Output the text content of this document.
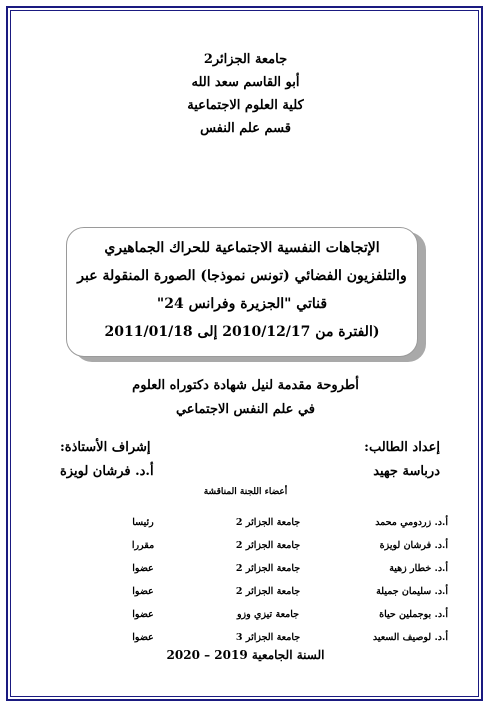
جامعة الجزائر2
أبو القاسم سعد الله
كلية العلوم الاجتماعية
قسم علم النفس
الإتجاهات النفسية الاجتماعية للحراك الجماهيري
والتلفزيون الفضائي (تونس نموذجا) الصورة المنقولة عبر
قناتي "الجزيرة وفرانس 24"
(الفترة من 2010/12/17 إلى 2011/01/18
أطروحة مقدمة لنيل شهادة دكتوراه العلوم
في علم النفس الاجتماعي
إعداد الطالب:
إشراف الأستاذة:
درباسة جهيد
أ.د. فرشان لويزة
أعضاء اللجنة المناقشة
أ.د. زردومي محمد
جامعة الجزائر 2
رئيسا
أ.د. فرشان لويزة
جامعة الجزائر 2
مقررا
أ.د. خطار زهية
جامعة الجزائر 2
عضوا
أ.د. سليمان جميلة
جامعة الجزائر 2
عضوا
أ.د. بوجملين حياة
جامعة تيزي وزو
عضوا
أ.د. لوصيف السعيد
جامعة الجزائر 3
عضوا
السنة الجامعية 2019 – 2020
